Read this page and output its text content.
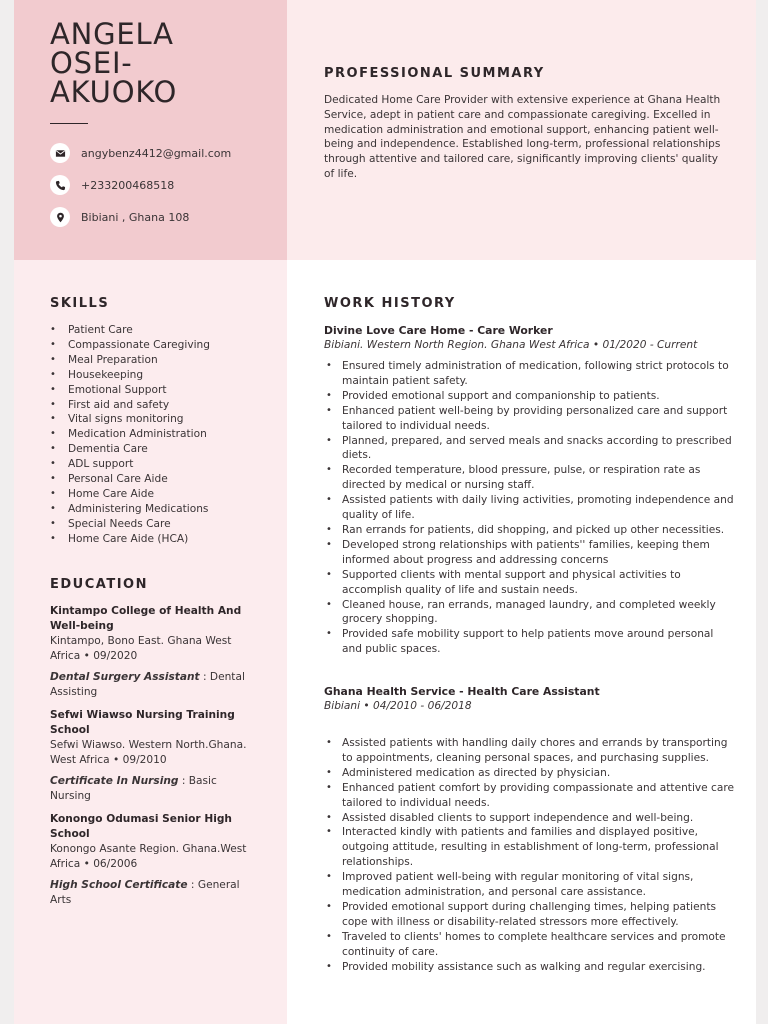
ANGELA
OSEI-
AKUOKO
angybenz4412@gmail.com
+233200468518
Bibiani , Ghana 108
PROFESSIONAL SUMMARY
Dedicated Home Care Provider with extensive experience at Ghana Health Service, adept in patient care and compassionate caregiving. Excelled in medication administration and emotional support, enhancing patient well-being and independence. Established long-term, professional relationships through attentive and tailored care, significantly improving clients' quality of life.
SKILLS
• Patient Care
• Compassionate Caregiving
• Meal Preparation
• Housekeeping
• Emotional Support
• First aid and safety
• Vital signs monitoring
• Medication Administration
• Dementia Care
• ADL support
• Personal Care Aide
• Home Care Aide
• Administering Medications
• Special Needs Care
• Home Care Aide (HCA)
EDUCATION
Kintampo College of Health And Well-being
Kintampo, Bono East. Ghana West Africa • 09/2020
Dental Surgery Assistant : Dental Assisting
Sefwi Wiawso Nursing Training School
Sefwi Wiawso. Western North.Ghana. West Africa • 09/2010
Certificate In Nursing : Basic Nursing
Konongo Odumasi Senior High School
Konongo Asante Region. Ghana.West Africa • 06/2006
High School Certificate : General Arts
WORK HISTORY
Divine Love Care Home - Care Worker
Bibiani. Western North Region. Ghana West Africa • 01/2020 - Current
• Ensured timely administration of medication, following strict protocols to maintain patient safety.
• Provided emotional support and companionship to patients.
• Enhanced patient well-being by providing personalized care and support tailored to individual needs.
• Planned, prepared, and served meals and snacks according to prescribed diets.
• Recorded temperature, blood pressure, pulse, or respiration rate as directed by medical or nursing staff.
• Assisted patients with daily living activities, promoting independence and quality of life.
• Ran errands for patients, did shopping, and picked up other necessities.
• Developed strong relationships with patients'' families, keeping them informed about progress and addressing concerns
• Supported clients with mental support and physical activities to accomplish quality of life and sustain needs.
• Cleaned house, ran errands, managed laundry, and completed weekly grocery shopping.
• Provided safe mobility support to help patients move around personal and public spaces.
Ghana Health Service - Health Care Assistant
Bibiani • 04/2010 - 06/2018
• Assisted patients with handling daily chores and errands by transporting to appointments, cleaning personal spaces, and purchasing supplies.
• Administered medication as directed by physician.
• Enhanced patient comfort by providing compassionate and attentive care tailored to individual needs.
• Assisted disabled clients to support independence and well-being.
• Interacted kindly with patients and families and displayed positive, outgoing attitude, resulting in establishment of long-term, professional relationships.
• Improved patient well-being with regular monitoring of vital signs, medication administration, and personal care assistance.
• Provided emotional support during challenging times, helping patients cope with illness or disability-related stressors more effectively.
• Traveled to clients' homes to complete healthcare services and promote continuity of care.
• Provided mobility assistance such as walking and regular exercising.
